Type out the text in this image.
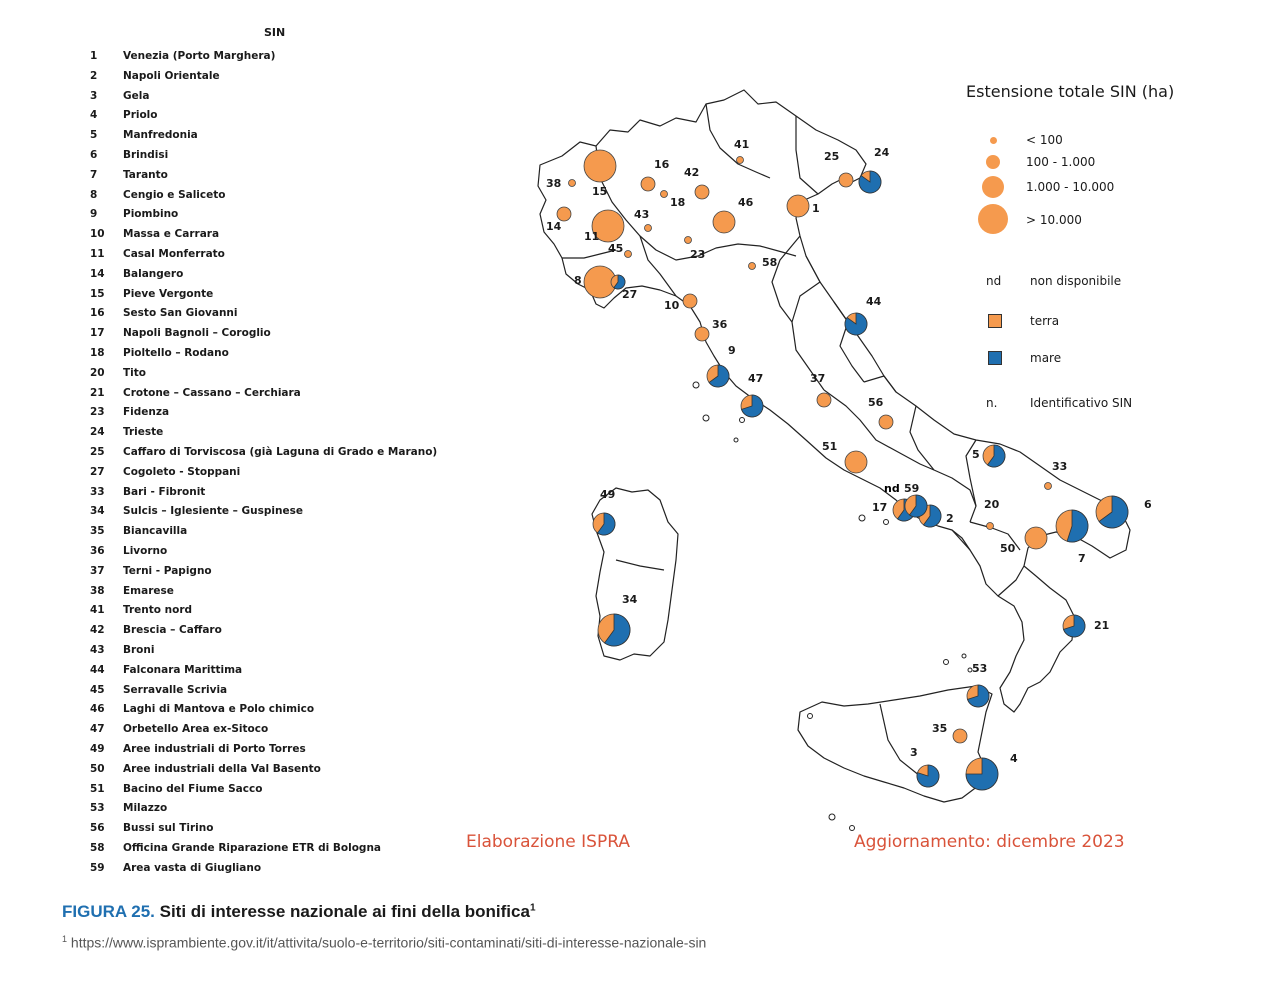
SIN
1	Venezia (Porto Marghera)
2	Napoli Orientale
3	Gela
4	Priolo
5	Manfredonia
6	Brindisi
7	Taranto
8	Cengio e Saliceto
9	Piombino
10	Massa e Carrara
11	Casal Monferrato
14	Balangero
15	Pieve Vergonte
16	Sesto San Giovanni
17	Napoli Bagnoli – Coroglio
18	Pioltello – Rodano
20	Tito
21	Crotone – Cassano – Cerchiara
23	Fidenza
24	Trieste
25	Caffaro di Torviscosa (già Laguna di Grado e Marano)
27	Cogoleto - Stoppani
33	Bari - Fibronit
34	Sulcis – Iglesiente – Guspinese
35	Biancavilla
36	Livorno
37	Terni - Papigno
38	Emarese
41	Trento nord
42	Brescia – Caffaro
43	Broni
44	Falconara Marittima
45	Serravalle Scrivia
46	Laghi di Mantova e Polo chimico
47	Orbetello Area ex-Sitoco
49	Aree industriali di Porto Torres
50	Aree industriali della Val Basento
51	Bacino del Fiume Sacco
53	Milazzo
56	Bussi sul Tirino
58	Officina Grande Riparazione ETR di Bologna
59	Area vasta di Giugliano
1
2
3	4
5
6
7
8
9
10
11
14
15
16
17
18
20
21
23
24
25
27
33
34
35
36
37
38
41
42
43
44
45
46
47
49
50
51
53
56
58
59
nd
Estensione totale SIN (ha)
< 100
100 - 1.000
1.000 - 10.000
> 10.000
nd non disponibile
terra
mare
n.	Identificativo SIN
Elaborazione ISPRA	Aggiornamento: dicembre 2023
FIGURA 25. Siti di interesse nazionale ai fini della bonifica$^1$
$^1$ https://www.isprambiente.gov.it/it/attivita/suolo-e-territorio/siti-contaminati/siti-di-interesse-nazionale-sin
